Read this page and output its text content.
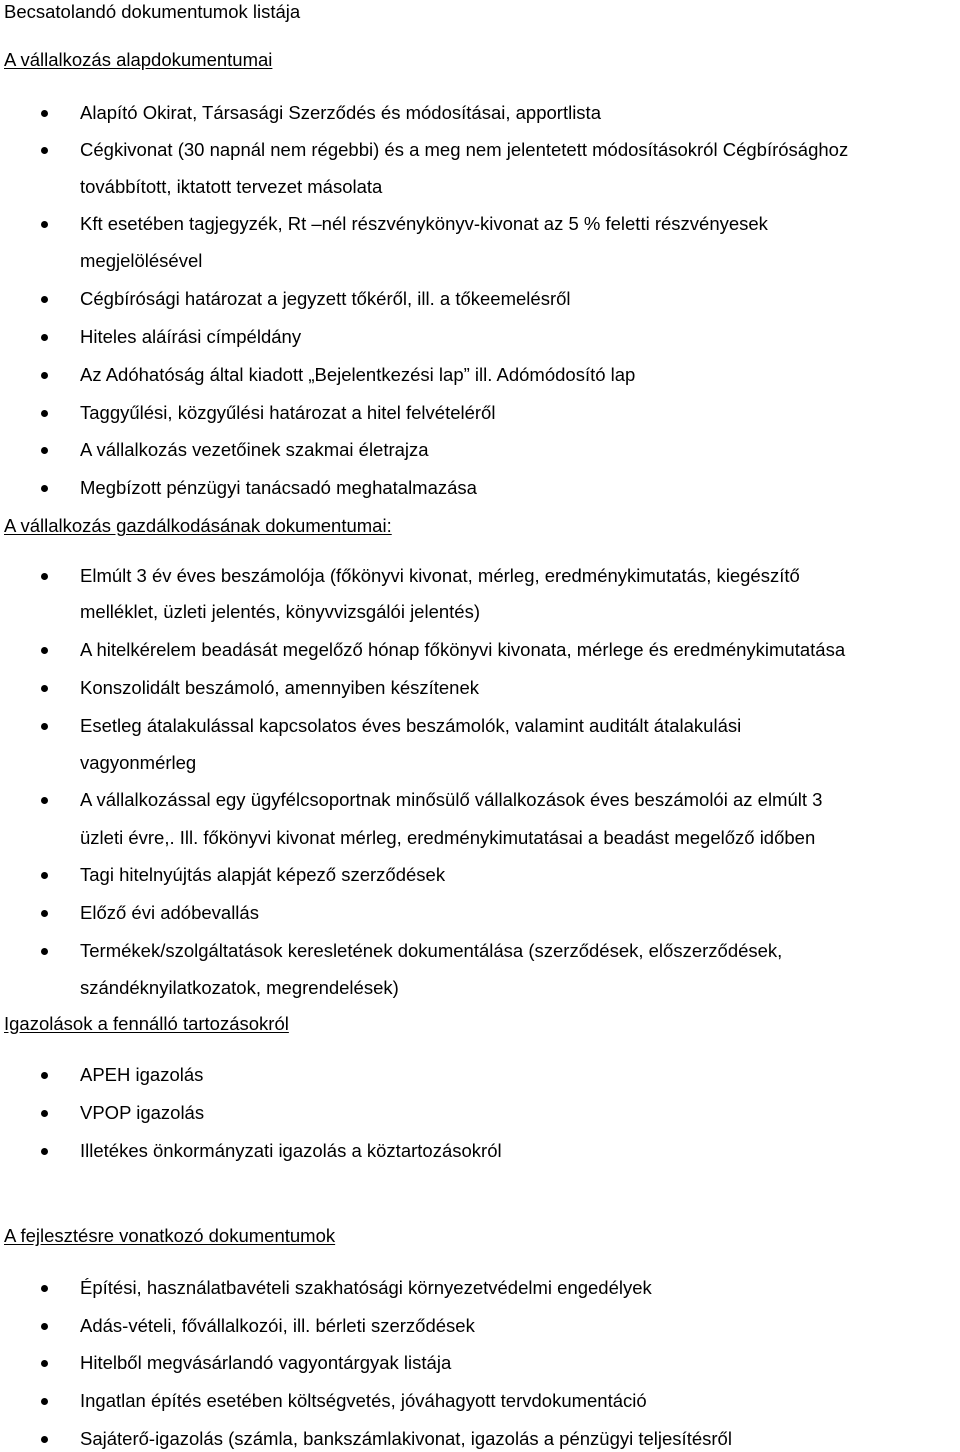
Becsatolandó dokumentumok listája
A vállalkozás alapdokumentumai
Alapító Okirat, Társasági Szerződés és módosításai, apportlista
Cégkivonat (30 napnál nem régebbi) és a meg nem jelentetett módosításokról Cégbírósághoz
továbbított, iktatott tervezet másolata
Kft esetében tagjegyzék, Rt –nél részvénykönyv-kivonat az 5 % feletti részvényesek
megjelölésével
Cégbírósági határozat a jegyzett tőkéről, ill. a tőkeemelésről
Hiteles aláírási címpéldány
Az Adóhatóság által kiadott „Bejelentkezési lap” ill. Adómódosító lap
Taggyűlési, közgyűlési határozat a hitel felvételéről
A vállalkozás vezetőinek szakmai életrajza
Megbízott pénzügyi tanácsadó meghatalmazása
A vállalkozás gazdálkodásának dokumentumai:
Elmúlt 3 év éves beszámolója (főkönyvi kivonat, mérleg, eredménykimutatás, kiegészítő
melléklet, üzleti jelentés, könyvvizsgálói jelentés)
A hitelkérelem beadását megelőző hónap főkönyvi kivonata, mérlege és eredménykimutatása
Konszolidált beszámoló, amennyiben készítenek
Esetleg átalakulással kapcsolatos éves beszámolók, valamint auditált átalakulási
vagyonmérleg
A vállalkozással egy ügyfélcsoportnak minősülő vállalkozások éves beszámolói az elmúlt 3
üzleti évre,. Ill. főkönyvi kivonat mérleg, eredménykimutatásai a beadást megelőző időben
Tagi hitelnyújtás alapját képező szerződések
Előző évi adóbevallás
Termékek/szolgáltatások keresletének dokumentálása (szerződések, előszerződések,
szándéknyilatkozatok, megrendelések)
Igazolások a fennálló tartozásokról
APEH igazolás
VPOP igazolás
Illetékes önkormányzati igazolás a köztartozásokról
A fejlesztésre vonatkozó dokumentumok
Építési, használatbavételi szakhatósági környezetvédelmi engedélyek
Adás-vételi, fővállalkozói, ill. bérleti szerződések
Hitelből megvásárlandó vagyontárgyak listája
Ingatlan építés esetében költségvetés, jóváhagyott tervdokumentáció
Sajáterő-igazolás (számla, bankszámlakivonat, igazolás a pénzügyi teljesítésről
